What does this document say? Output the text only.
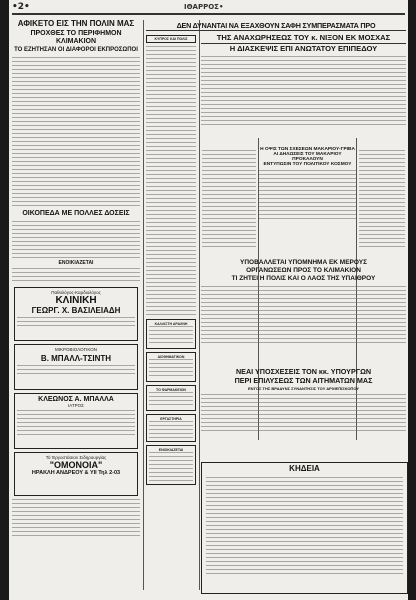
•2•	ΙΘΑΡΡΟΣ•

ΑΦΙΚΕΤΟ ΕΙΣ ΤΗΝ ΠΟΛΙΝ ΜΑΣ

ΠΡΟΧΘΕΣ ΤΟ ΠΕΡΙΦΗΜΟΝ ΚΛΙΜΑΚΙΟΝ

ΤΟ ΕΖΗΤΗΣΑΝ ΟΙ ΔΙΑΦΟΡΟΙ ΕΚΠΡΟΣΩΠΟΙ

ΟΙΚΟΠΕΔΑ ΜΕ ΠΟΛΛΕΣ ΔΟΣΕΙΣ

ΕΝΟΙΚΙΑΖΕΤΑΙ

Παθολόγος-Καρδιολόγος
ΚΛΙΝΙΚΗ
ΓΕΩΡΓ. Χ. ΒΑΣΙΛΕΙΑΔΗ
ΜΙΚΡΟΒΙΟΛΟΓΙΚΟΝ
Β. ΜΠΑΛΛ-ΤΣΙΝΤΗ
ΚΛΕΩΝΟΣ Α. ΜΠΑΛΛΑ
ΙΑΤΡΟΣ
Τό Έργοστάσιον Σιδηρουργίας
"ΟΜΟΝΟΙΑ"
ΗΡΑΚΛΗ ΑΝΔΡΕΟΥ & ΥΙΙ Τηλ 2-03

ΔΕΝ ΔΥΝΑΝΤΑΙ ΝΑ ΕΞΑΧΘΟΥΝ ΣΑΦΗ ΣΥΜΠΕΡΑΣΜΑΤΑ ΠΡΟ

ΚΥΠΡΟΣ ΚΑΙ ΠΟΛΙΣ
ΚΑΛΛΙΣΤΗ ΑΡΑΧΝΗ
ΑΙΣΘΗΜΑΤΙΚΟΝ
ΤΟ ΦΑΡΜΑΚΕΙΟΝ
ΕΡΓΑΣΤΗΡΙΑ
ΕΝΟΙΚΙΑΖΕΤΑΙ

ΤΗΣ ΑΝΑΧΩΡΗΣΕΩΣ ΤΟΥ κ. ΝΙΞΟΝ ΕΚ ΜΟΣΧΑΣ

Η ΔΙΑΣΚΕΨΙΣ ΕΠΙ ΑΝΩΤΑΤΟΥ ΕΠΙΠΕΔΟΥ

Η ΟΨΙΣ ΤΩΝ ΣΧΕΣΕΩΝ ΜΑΚΑΡΙΟΥ-ΓΡΙΒΑ

ΑΙ ΔΗΛΩΣΕΙΣ ΤΟΥ ΜΑΚΑΡΙΟΥ ΠΡΟΚΑΛΟΥΝ

ΕΝΤΥΠΩΣΙΝ ΤΟΥ ΠΟΛΙΤΙΚΟΥ ΚΟΣΜΟΥ

ΥΠΟΒΑΛΛΕΤΑΙ ΥΠΟΜΝΗΜΑ ΕΚ ΜΕΡΟΥΣ

ΟΡΓΑΝΩΣΕΩΝ ΠΡΟΣ ΤΟ ΚΛΙΜΑΚΙΟΝ

ΤΙ ΖΗΤΕΙ Η ΠΟΛΙΣ ΚΑΙ Ο ΛΑΟΣ ΤΗΣ ΥΠΑΙΘΡΟΥ

ΝΕΑΙ ΥΠΟΣΧΕΣΕΙΣ ΤΟΝ κκ. ΥΠΟΥΡΓΩΝ

ΠΕΡΙ ΕΠΙΛΥΣΕΩΣ ΤΩΝ ΑΙΤΗΜΑΤΩΝ ΜΑΣ

ΕΝΤΟΣ ΤΗΣ ΒΡΑΔΥΝΣ ΣΥΝΑΝΤΗΣΙΣ ΤΟΥ ΑΡΧΙΕΠΙΣΚΟΠΟΥ

ΚΗΔΕΙΑ
